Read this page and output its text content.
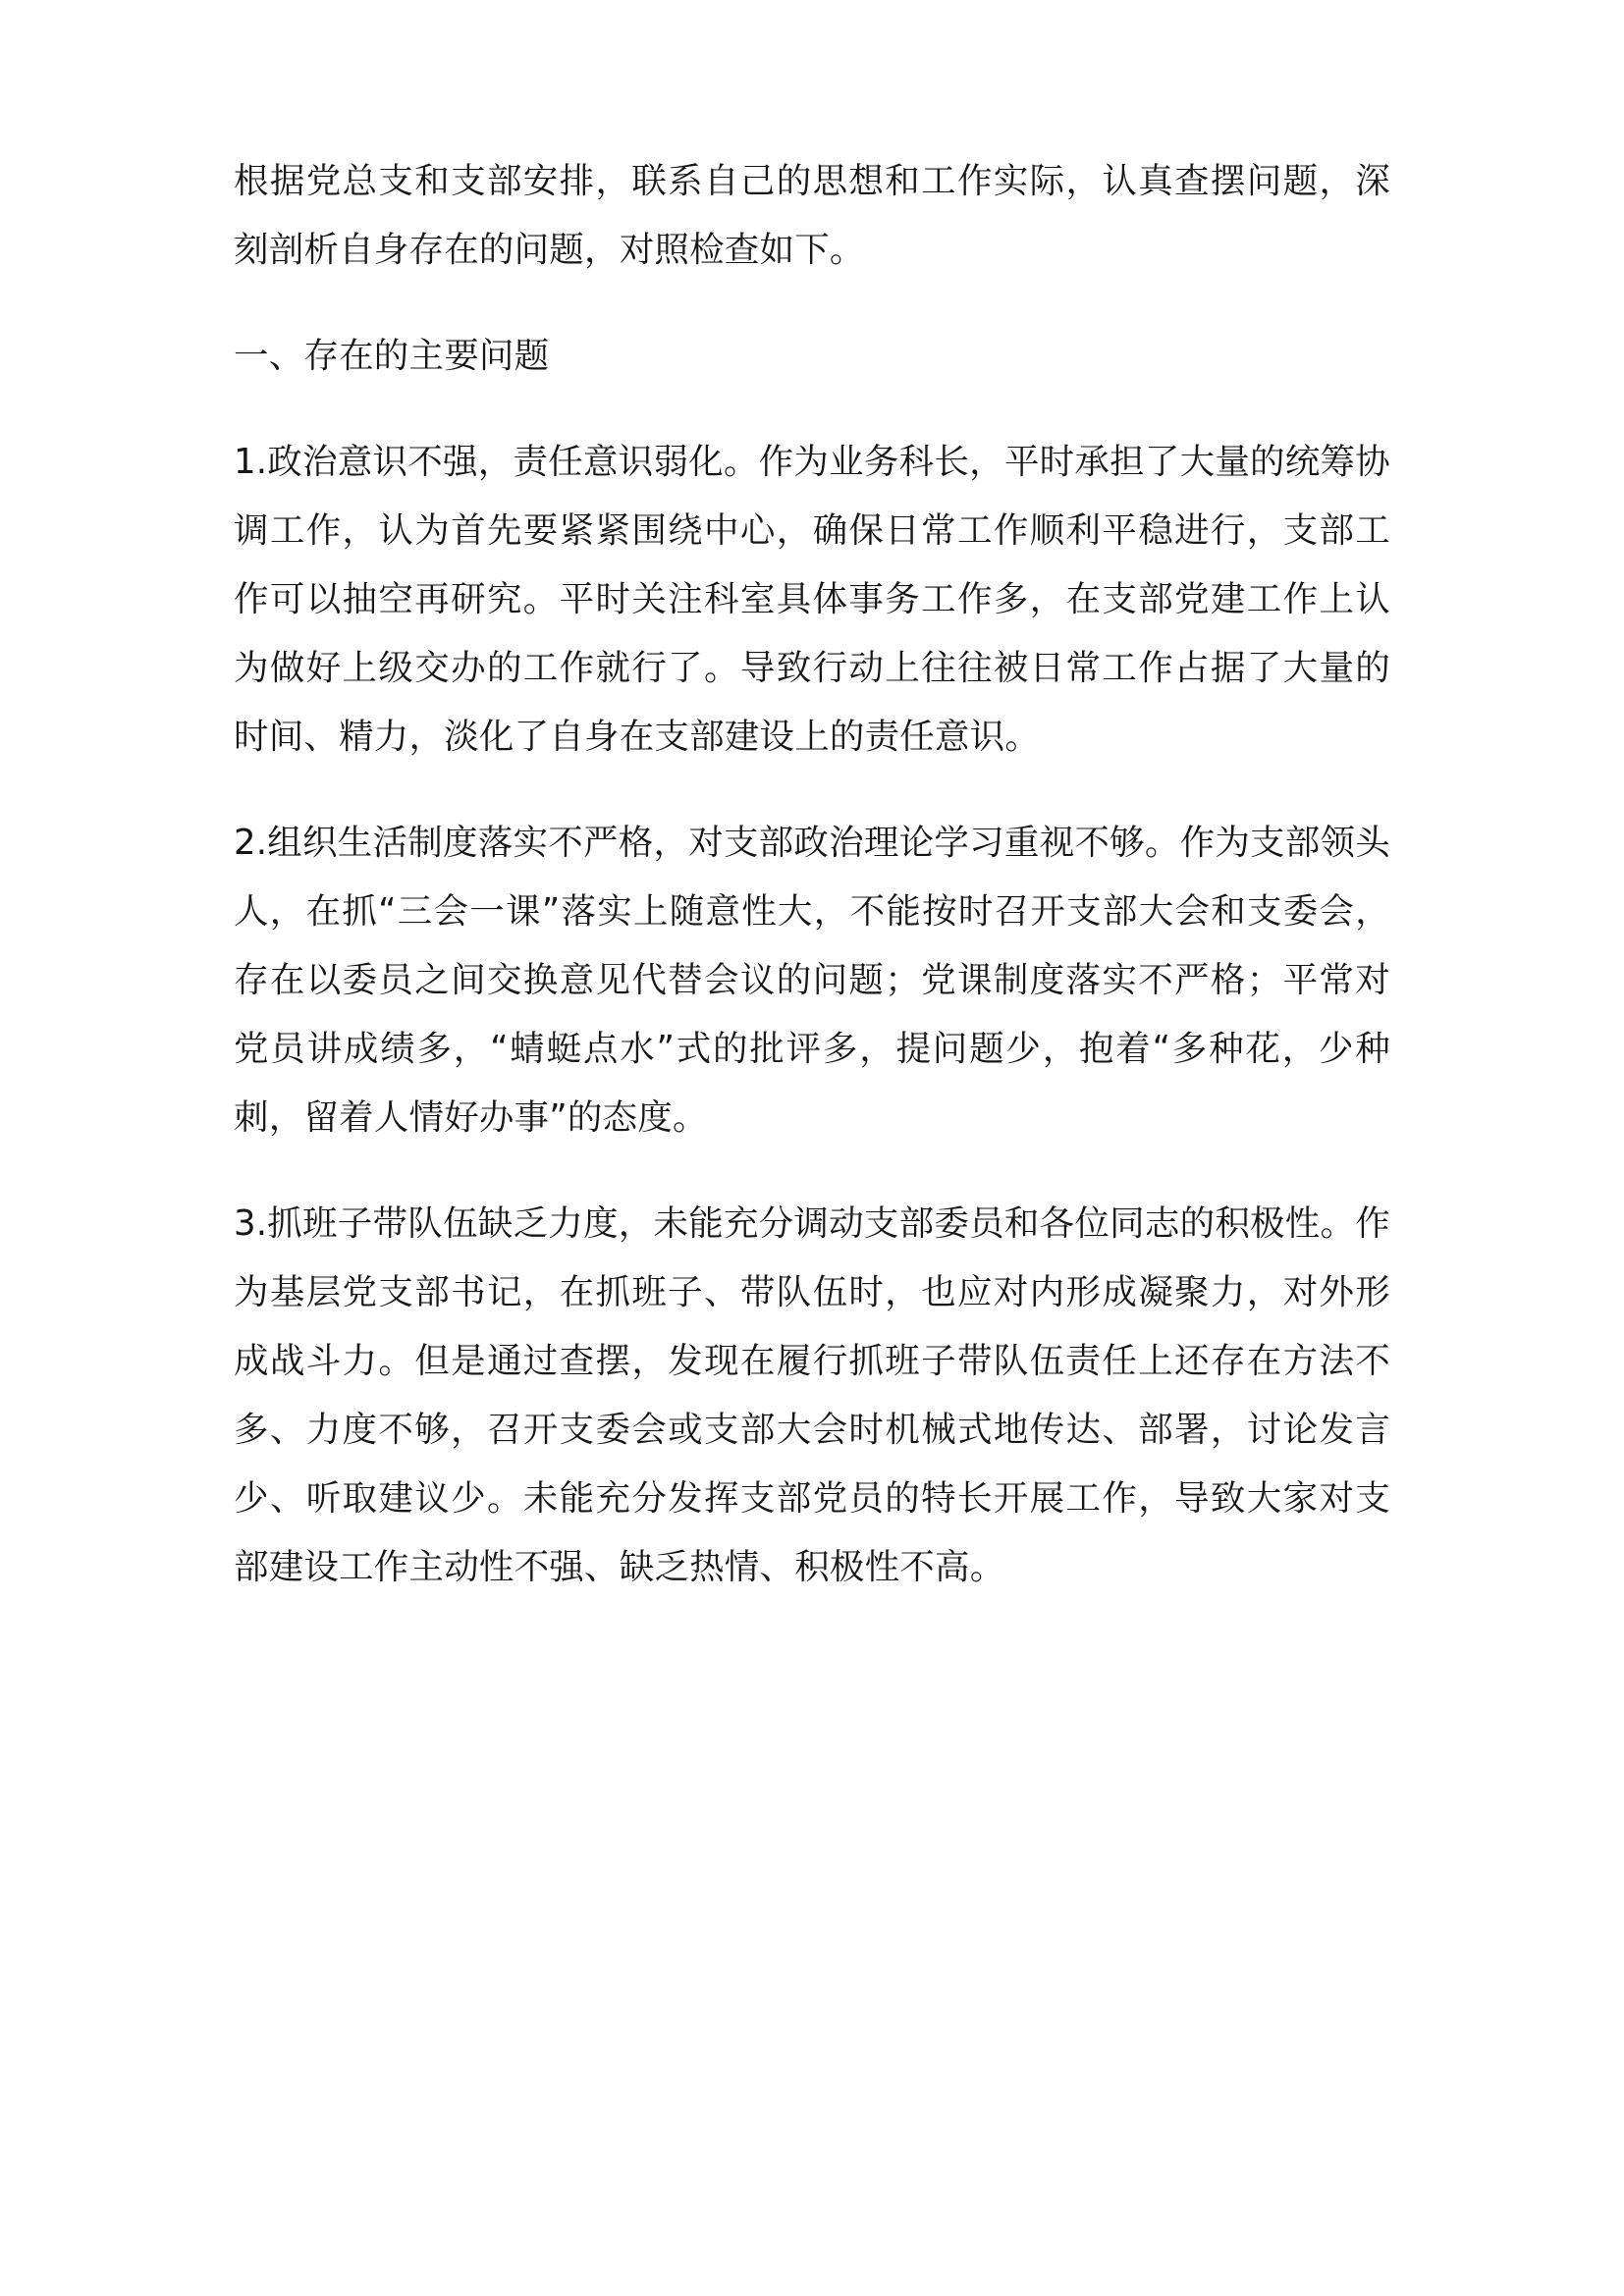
根据党总支和支部安排，联系自己的思想和工作实际，认真查摆问题，深刻剖析自身存在的问题，对照检查如下。

一、存在的主要问题

1.政治意识不强，责任意识弱化。作为业务科长，平时承担了大量的统筹协调工作，认为首先要紧紧围绕中心，确保日常工作顺利平稳进行，支部工作可以抽空再研究。平时关注科室具体事务工作多，在支部党建工作上认为做好上级交办的工作就行了。导致行动上往往被日常工作占据了大量的时间、精力，淡化了自身在支部建设上的责任意识。

2.组织生活制度落实不严格，对支部政治理论学习重视不够。作为支部领头人，在抓“三会一课”落实上随意性大，不能按时召开支部大会和支委会，存在以委员之间交换意见代替会议的问题；党课制度落实不严格；平常对党员讲成绩多，“蜻蜓点水”式的批评多，提问题少，抱着“多种花，少种刺，留着人情好办事”的态度。

3.抓班子带队伍缺乏力度，未能充分调动支部委员和各位同志的积极性。作为基层党支部书记，在抓班子、带队伍时，也应对内形成凝聚力，对外形成战斗力。但是通过查摆，发现在履行抓班子带队伍责任上还存在方法不多、力度不够，召开支委会或支部大会时机械式地传达、部署，讨论发言少、听取建议少。未能充分发挥支部党员的特长开展工作，导致大家对支部建设工作主动性不强、缺乏热情、积极性不高。
